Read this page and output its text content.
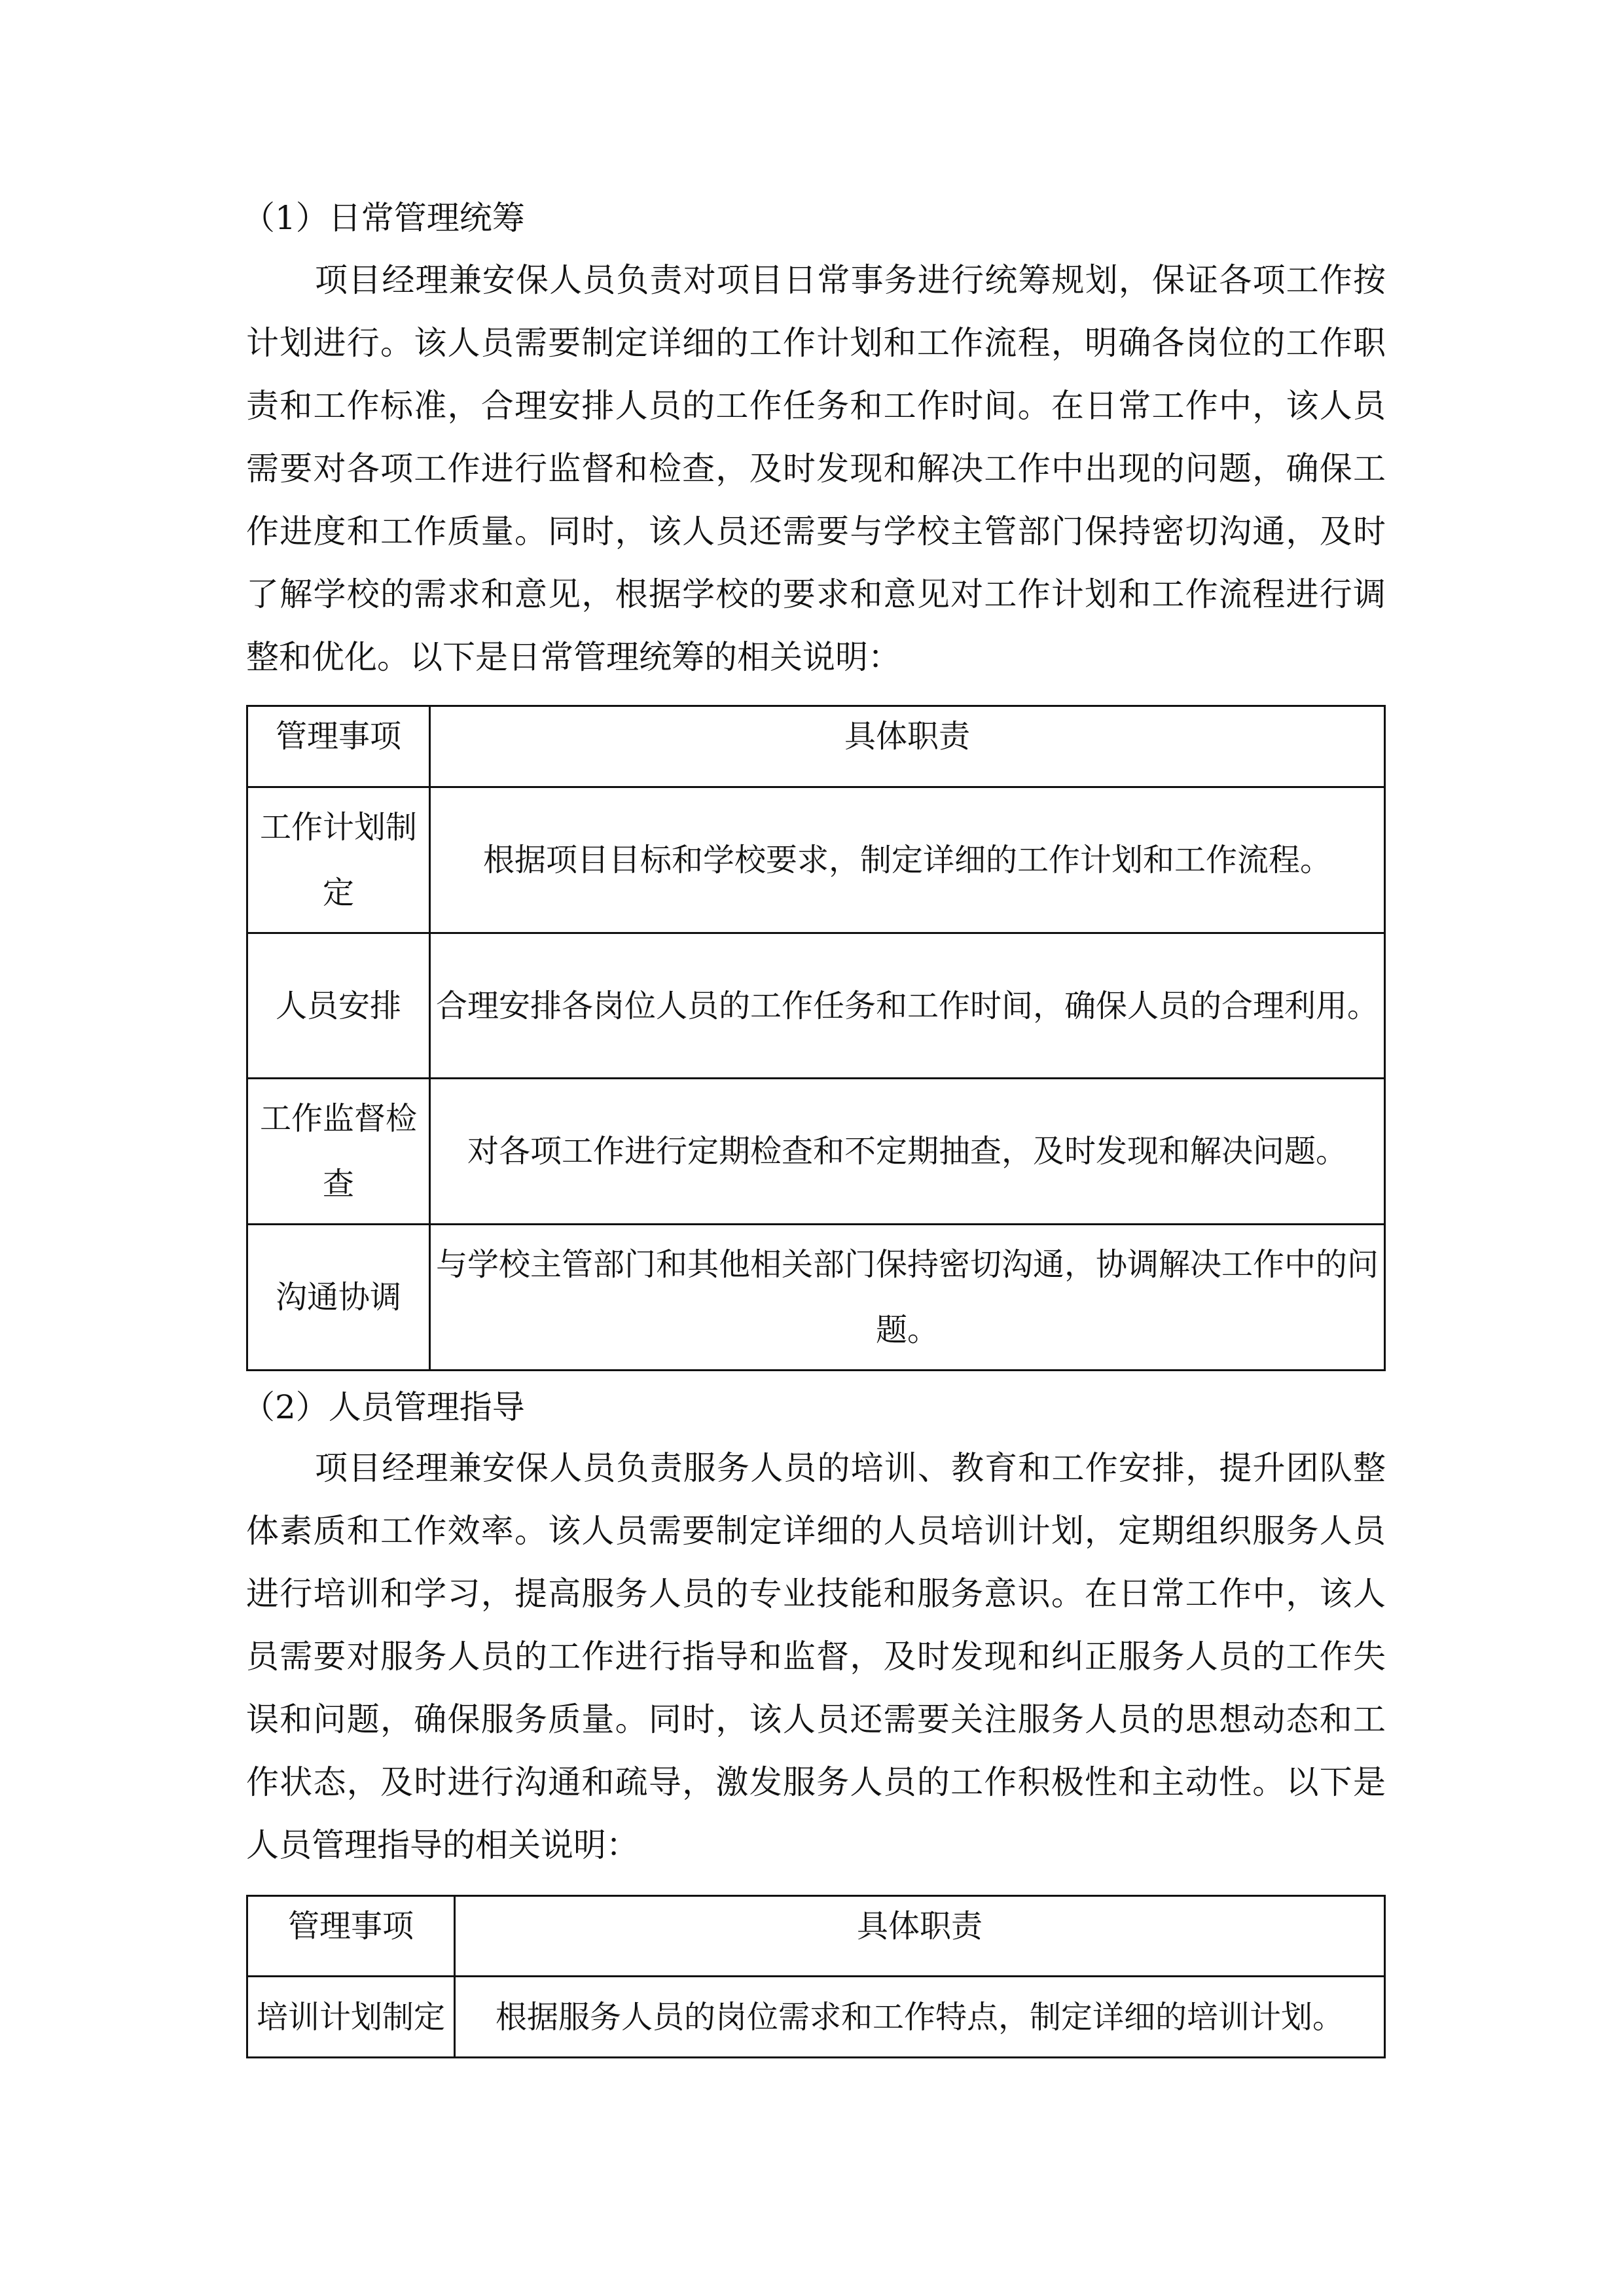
（1）日常管理统筹
项目经理兼安保人员负责对项目日常事务进行统筹规划，保证各项工作按
计划进行。该人员需要制定详细的工作计划和工作流程，明确各岗位的工作职
责和工作标准，合理安排人员的工作任务和工作时间。在日常工作中，该人员
需要对各项工作进行监督和检查，及时发现和解决工作中出现的问题，确保工
作进度和工作质量。同时，该人员还需要与学校主管部门保持密切沟通，及时
了解学校的需求和意见，根据学校的要求和意见对工作计划和工作流程进行调
整和优化。以下是日常管理统筹的相关说明：
管理事项	具体职责
工作计划制定	根据项目目标和学校要求，制定详细的工作计划和工作流程。
人员安排	合理安排各岗位人员的工作任务和工作时间，确保人员的合理利用。
工作监督检查	对各项工作进行定期检查和不定期抽查，及时发现和解决问题。
沟通协调	与学校主管部门和其他相关部门保持密切沟通，协调解决工作中的问题。
（2）人员管理指导
项目经理兼安保人员负责服务人员的培训、教育和工作安排，提升团队整
体素质和工作效率。该人员需要制定详细的人员培训计划，定期组织服务人员
进行培训和学习，提高服务人员的专业技能和服务意识。在日常工作中，该人
员需要对服务人员的工作进行指导和监督，及时发现和纠正服务人员的工作失
误和问题，确保服务质量。同时，该人员还需要关注服务人员的思想动态和工
作状态，及时进行沟通和疏导，激发服务人员的工作积极性和主动性。以下是
人员管理指导的相关说明：
管理事项	具体职责
培训计划制定	根据服务人员的岗位需求和工作特点，制定详细的培训计划。
